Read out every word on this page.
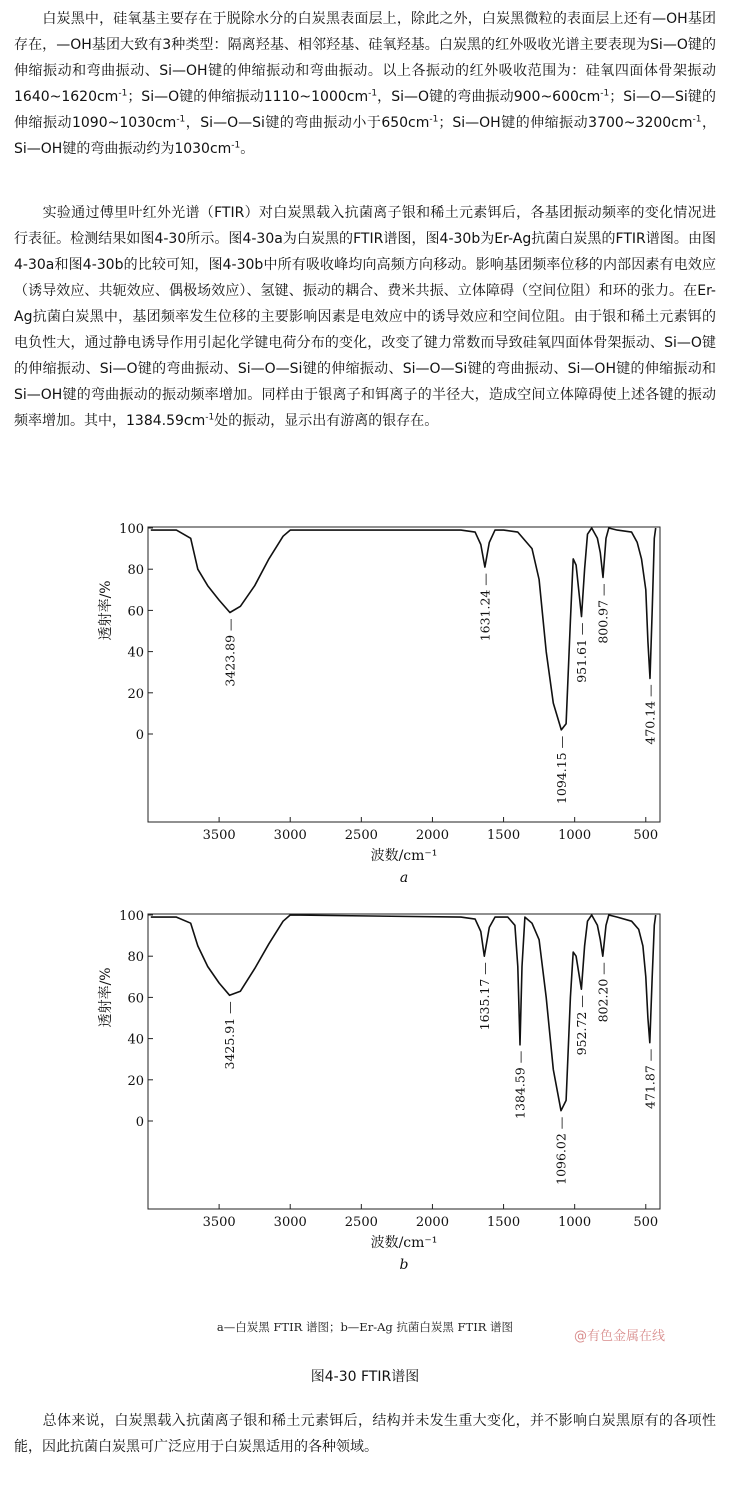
　　白炭黑中，硅氧基主要存在于脱除水分的白炭黑表面层上，除此之外，白炭黑微粒的表面层上还有—OH基团存在，—OH基团大致有3种类型：隔离羟基、相邻羟基、硅氧羟基。白炭黑的红外吸收光谱主要表现为Si—O键的伸缩振动和弯曲振动、Si—OH键的伸缩振动和弯曲振动。以上各振动的红外吸收范围为：硅氧四面体骨架振动$1640\sim 1620cm^{-1}$；Si—O键的伸缩振动$1110\sim 1000cm^{-1}$，Si—O键的弯曲振动$900\sim 600cm^{-1}$；Si—O—Si键的伸缩振动$1090\sim 1030cm^{-1}$，Si—O—Si键的弯曲振动小于$650cm^{-1}$；Si—OH键的伸缩振动$3700\sim 3200cm^{-1}$，Si—OH键的弯曲振动约为$1030cm^{-1}$。

　　实验通过傅里叶红外光谱（FTIR）对白炭黑载入抗菌离子银和稀土元素铒后，各基团振动频率的变化情况进行表征。检测结果如图4-30所示。图4-30a为白炭黑的FTIR谱图，图4-30b为Er-Ag抗菌白炭黑的FTIR谱图。由图4-30a和图4-30b的比较可知，图4-30b中所有吸收峰均向高频方向移动。影响基团频率位移的内部因素有电效应（诱导效应、共轭效应、偶极场效应）、氢键、振动的耦合、费米共振、立体障碍（空间位阻）和环的张力。在Er-Ag抗菌白炭黑中，基团频率发生位移的主要影响因素是电效应中的诱导效应和空间位阻。由于银和稀土元素铒的电负性大，通过静电诱导作用引起化学键电荷分布的变化，改变了键力常数而导致硅氧四面体骨架振动、Si—O键的伸缩振动、Si—O键的弯曲振动、Si—O—Si键的伸缩振动、Si—O—Si键的弯曲振动、Si—OH键的伸缩振动和Si—OH键的弯曲振动的振动频率增加。同样由于银离子和铒离子的半径大，造成空间立体障碍使上述各键的振动频率增加。其中，$1384.59cm^{-1}$处的振动，显示出有游离的银存在。

0
20
40
60
80
100
3500	3000	2500	2000	1500	1000	500
波数/cm⁻¹
透射率/%
a
3423.89 —
1631.24 —
1094.15 —
951.61 —
800.97 —
470.14 —
0
20
40
60
80
100
3500	3000	2500	2000	1500	1000	500
波数/cm⁻¹
透射率/%
b
3425.91 —
1635.17 —
1384.59 —
1096.02 —
952.72 —
802.20 —
471.87 —
a—白炭黑 FTIR 谱图；b—Er-Ag 抗菌白炭黑 FTIR 谱图
@有色金属在线
图4-30 FTIR谱图

　　总体来说，白炭黑载入抗菌离子银和稀土元素铒后，结构并未发生重大变化，并不影响白炭黑原有的各项性能，因此抗菌白炭黑可广泛应用于白炭黑适用的各种领域。
